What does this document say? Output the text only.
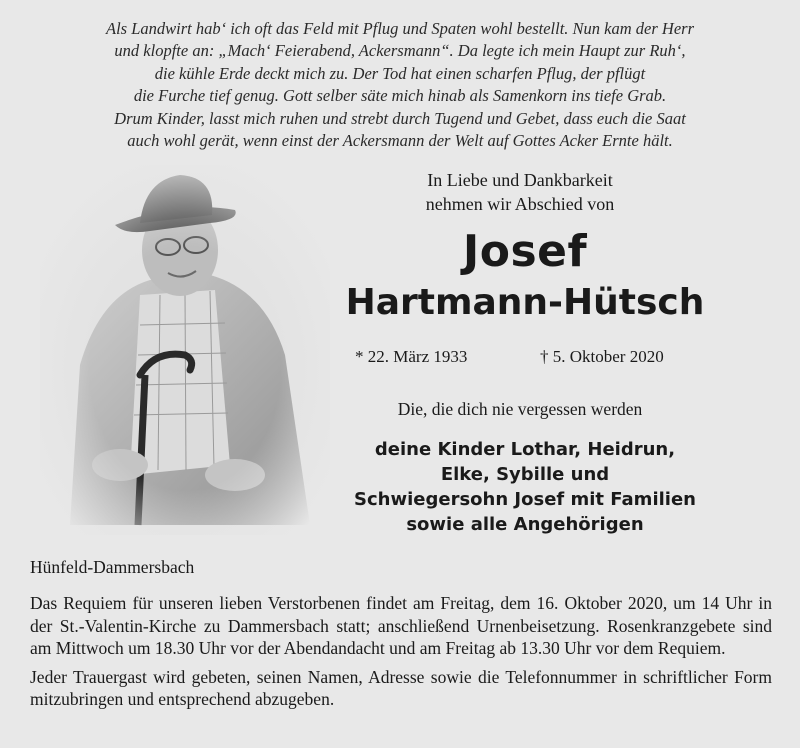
Als Landwirt hab‘ ich oft das Feld mit Pflug und Spaten wohl bestellt. Nun kam der Herr
und klopfte an: „Mach‘ Feierabend, Ackersmann“. Da legte ich mein Haupt zur Ruh‘,
die kühle Erde deckt mich zu. Der Tod hat einen scharfen Pflug, der pflügt
die Furche tief genug. Gott selber säte mich hinab als Samenkorn ins tiefe Grab.
Drum Kinder, lasst mich ruhen und strebt durch Tugend und Gebet, dass euch die Saat
auch wohl gerät, wenn einst der Ackersmann der Welt auf Gottes Acker Ernte hält.
In Liebe und Dankbarkeit
nehmen wir Abschied von
Josef
Hartmann-Hütsch
* 22. März 1933	† 5. Oktober 2020
Die, die dich nie vergessen werden
deine Kinder Lothar, Heidrun,
Elke, Sybille und
Schwiegersohn Josef mit Familien
sowie alle Angehörigen
Hünfeld-Dammersbach

Das Requiem für unseren lieben Verstorbenen findet am Freitag, dem 16. Oktober 2020, um 14 Uhr in der St.-Valentin-Kirche zu Dammersbach statt; anschließend Urnenbeisetzung. Rosenkranzgebete sind am Mittwoch um 18.30 Uhr vor der Abendandacht und am Freitag ab 13.30 Uhr vor dem Requiem.

Jeder Trauergast wird gebeten, seinen Namen, Adresse sowie die Telefonnummer in schriftlicher Form mitzubringen und entsprechend abzugeben.
